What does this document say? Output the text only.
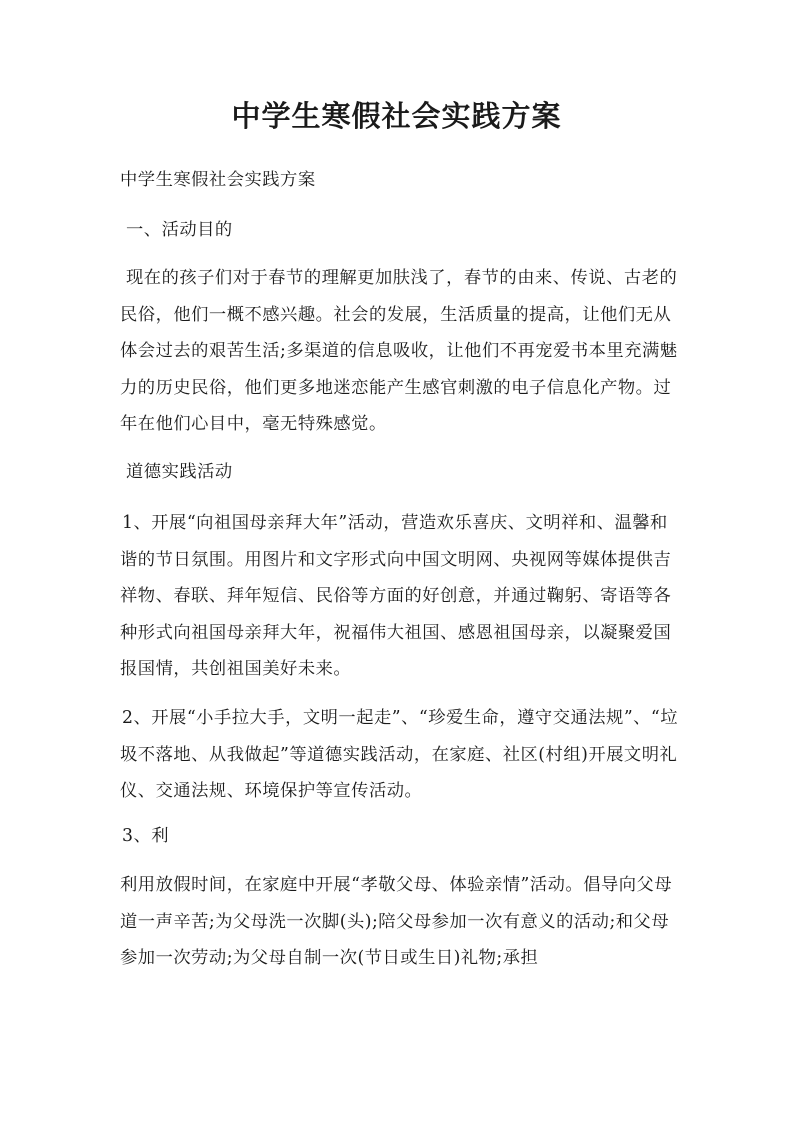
中学生寒假社会实践方案
中学生寒假社会实践方案
一、活动目的
现在的孩子们对于春节的理解更加肤浅了，春节的由来、传说、古老的民俗，他们一概不感兴趣。社会的发展，生活质量的提高，让他们无从体会过去的艰苦生活;多渠道的信息吸收，让他们不再宠爱书本里充满魅力的历史民俗，他们更多地迷恋能产生感官刺激的电子信息化产物。过年在他们心目中，毫无特殊感觉。
道德实践活动
1、开展“向祖国母亲拜大年”活动，营造欢乐喜庆、文明祥和、温馨和谐的节日氛围。用图片和文字形式向中国文明网、央视网等媒体提供吉祥物、春联、拜年短信、民俗等方面的好创意，并通过鞠躬、寄语等各种形式向祖国母亲拜大年，祝福伟大祖国、感恩祖国母亲，以凝聚爱国报国情，共创祖国美好未来。
2、开展“小手拉大手，文明一起走”、“珍爱生命，遵守交通法规”、“垃圾不落地、从我做起”等道德实践活动，在家庭、社区(村组)开展文明礼仪、交通法规、环境保护等宣传活动。
3、利
利用放假时间，在家庭中开展“孝敬父母、体验亲情”活动。倡导向父母道一声辛苦;为父母洗一次脚(头);陪父母参加一次有意义的活动;和父母参加一次劳动;为父母自制一次(节日或生日)礼物;承担
